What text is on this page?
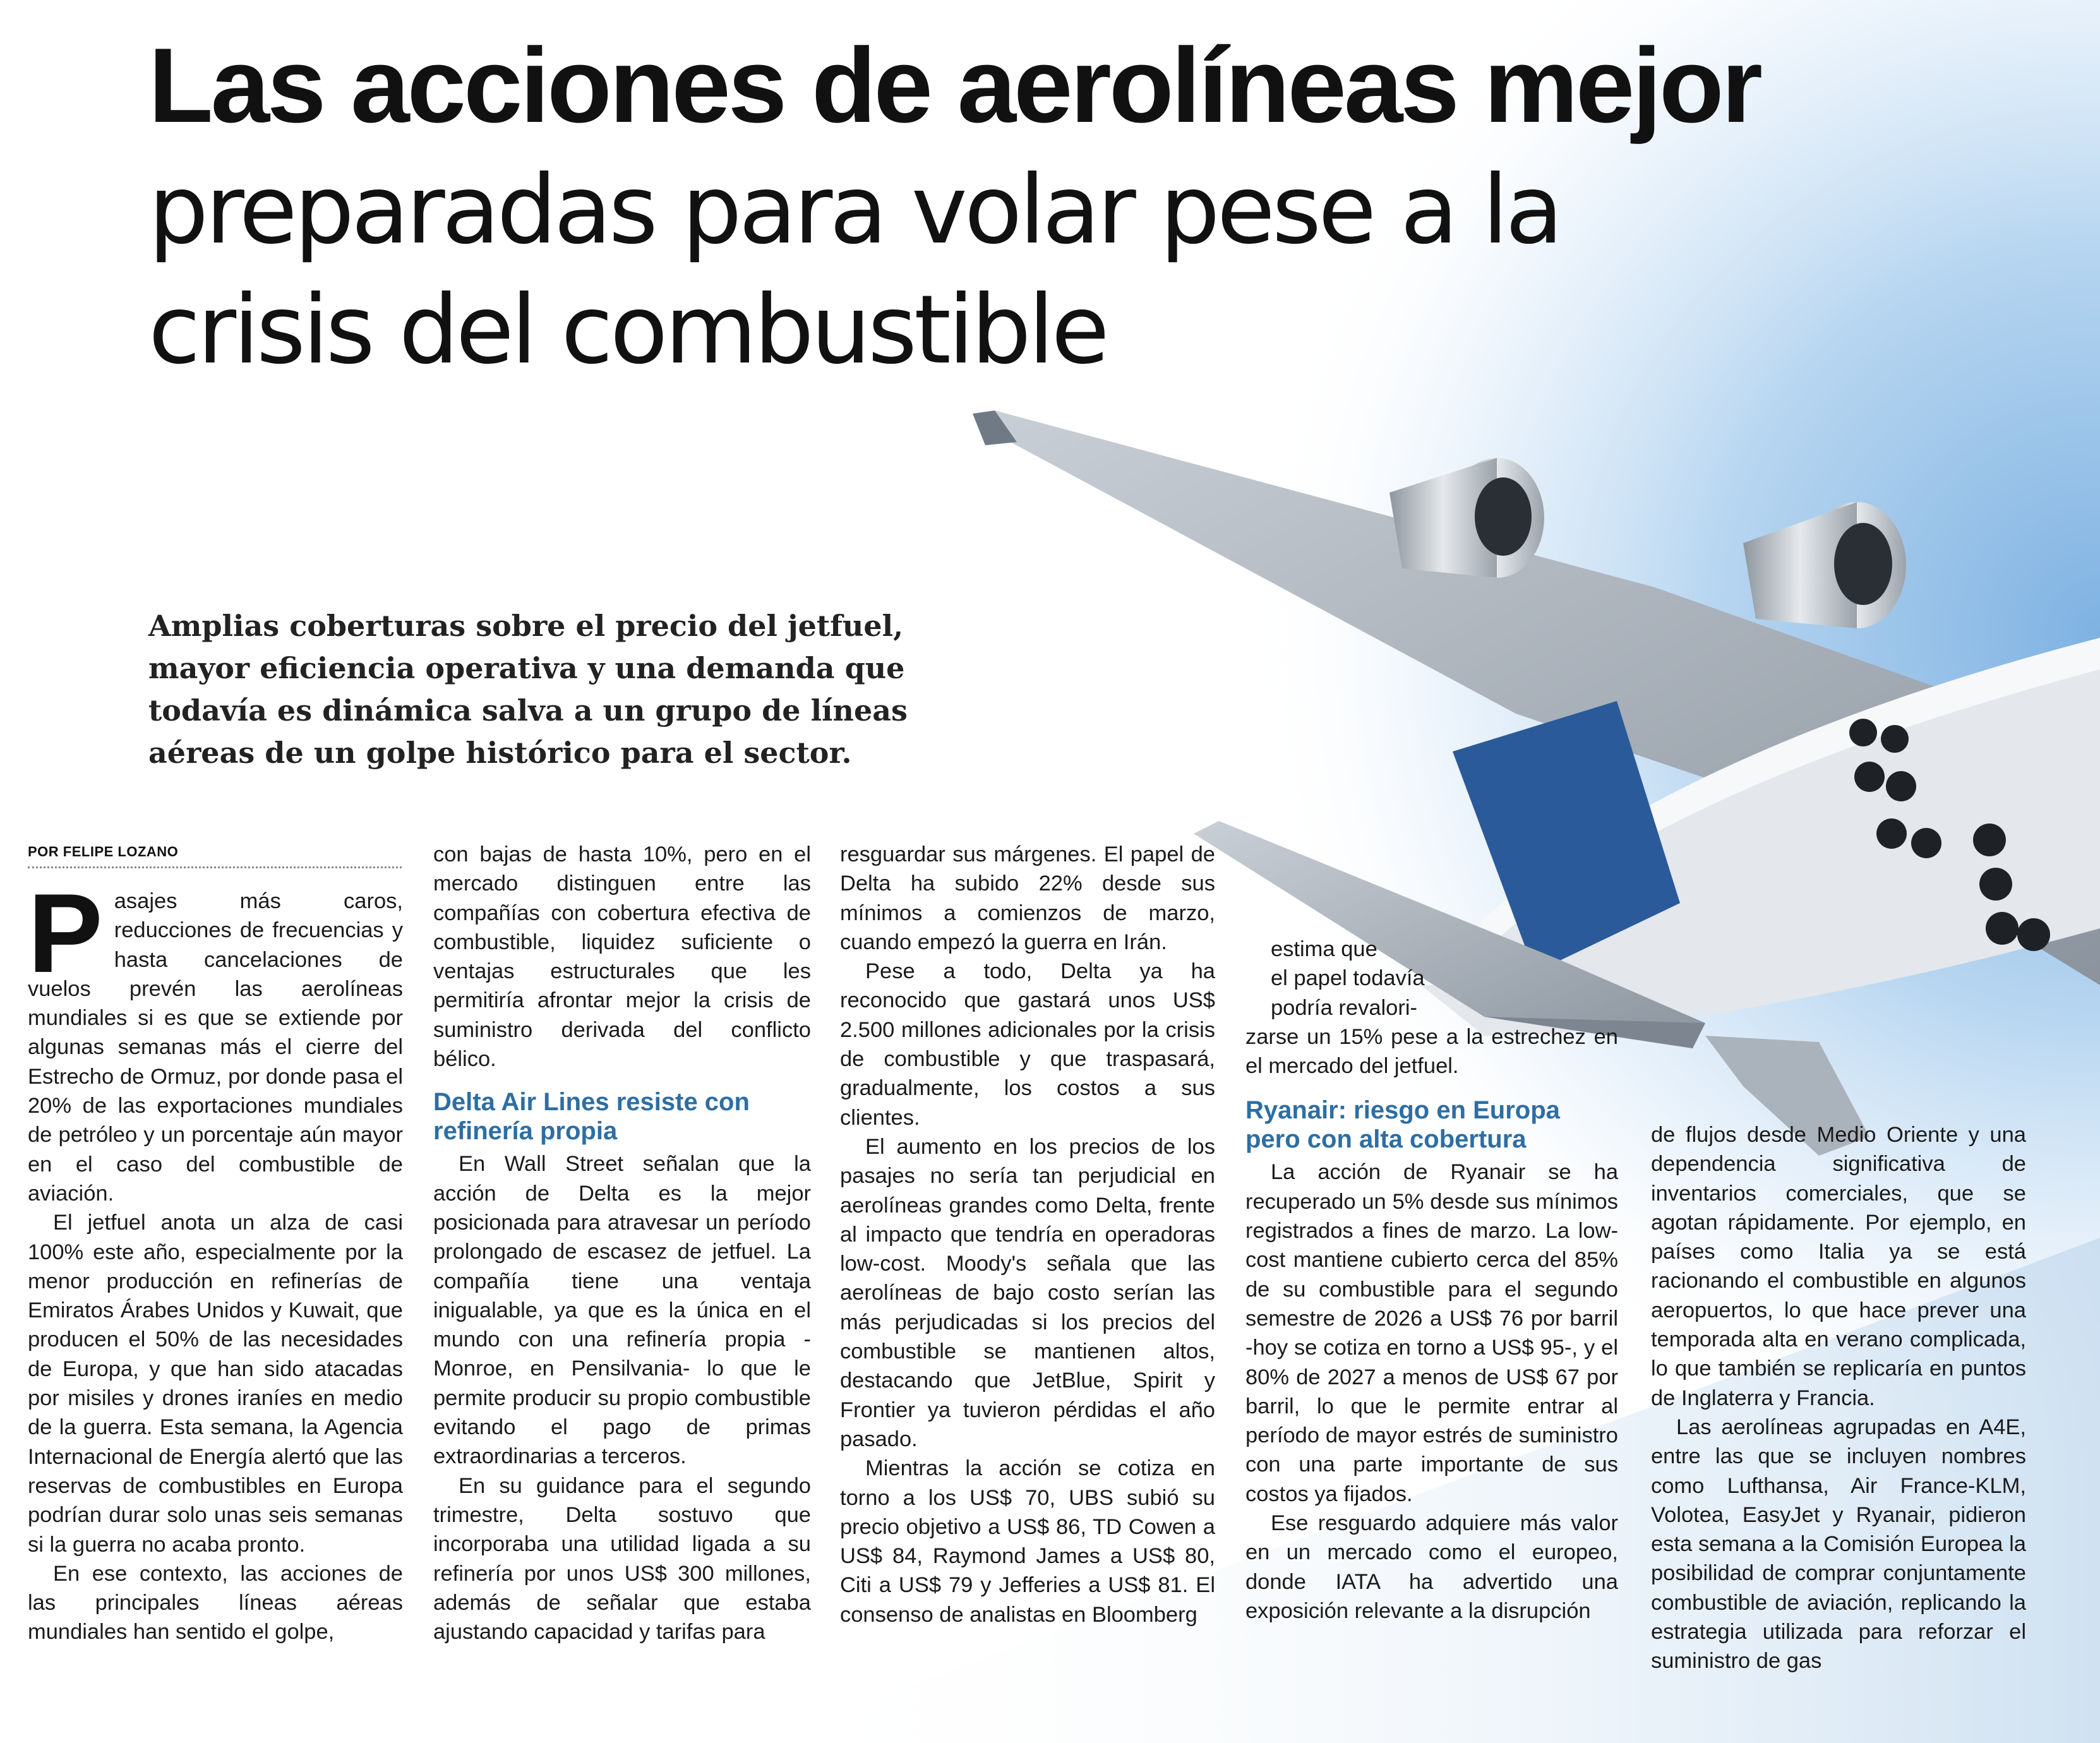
Las acciones de aerolíneas mejor
preparadas para volar pese a la
crisis del combustible
Amplias coberturas sobre el precio del jetfuel, mayor eficiencia operativa y una demanda que todavía es dinámica salva a un grupo de líneas aéreas de un golpe histórico para el sector.
POR FELIPE LOZANO

Pasajes más caros, reducciones de frecuencias y hasta cancelaciones de vuelos prevén las aerolíneas mundiales si es que se extiende por algunas semanas más el cierre del Estrecho de Ormuz, por donde pasa el 20% de las exportaciones mundiales de petróleo y un porcentaje aún mayor en el caso del combustible de aviación.

El jetfuel anota un alza de casi 100% este año, especialmente por la menor producción en refinerías de Emiratos Árabes Unidos y Kuwait, que producen el 50% de las necesidades de Europa, y que han sido atacadas por misiles y drones iraníes en medio de la guerra. Esta semana, la Agencia Internacional de Energía alertó que las reservas de combustibles en Europa podrían durar solo unas seis semanas si la guerra no acaba pronto.

En ese contexto, las acciones de las principales líneas aéreas mundiales han sentido el golpe,

con bajas de hasta 10%, pero en el mercado distinguen entre las compañías con cobertura efectiva de combustible, liquidez suficiente o ventajas estructurales que les permitiría afrontar mejor la crisis de suministro derivada del conflicto bélico.

Delta Air Lines resiste con refinería propia

En Wall Street señalan que la acción de Delta es la mejor posicionada para atravesar un período prolongado de escasez de jetfuel. La compañía tiene una ventaja inigualable, ya que es la única en el mundo con una refinería propia -Monroe, en Pensilvania- lo que le permite producir su propio combustible evitando el pago de primas extraordinarias a terceros.

En su guidance para el segundo trimestre, Delta sostuvo que incorporaba una utilidad ligada a su refinería por unos US$ 300 millones, además de señalar que estaba ajustando capacidad y tarifas para

resguardar sus márgenes. El papel de Delta ha subido 22% desde sus mínimos a comienzos de marzo, cuando empezó la guerra en Irán.

Pese a todo, Delta ya ha reconocido que gastará unos US$ 2.500 millones adicionales por la crisis de combustible y que traspasará, gradualmente, los costos a sus clientes.

El aumento en los precios de los pasajes no sería tan perjudicial en aerolíneas grandes como Delta, frente al impacto que tendría en operadoras low-cost. Moody's señala que las aerolíneas de bajo costo serían las más perjudicadas si los precios del combustible se mantienen altos, destacando que JetBlue, Spirit y Frontier ya tuvieron pérdidas el año pasado.

Mientras la acción se cotiza en torno a los US$ 70, UBS subió su precio objetivo a US$ 86, TD Cowen a US$ 84, Raymond James a US$ 80, Citi a US$ 79 y Jefferies a US$ 81. El consenso de analistas en Bloomberg

estima que

el papel todavía

podría revalori-

zarse un 15% pese a la estrechez en el mercado del jetfuel.

Ryanair: riesgo en Europa pero con alta cobertura

La acción de Ryanair se ha recuperado un 5% desde sus mínimos registrados a fines de marzo. La low-cost mantiene cubierto cerca del 85% de su combustible para el segundo semestre de 2026 a US$ 76 por barril -hoy se cotiza en torno a US$ 95-, y el 80% de 2027 a menos de US$ 67 por barril, lo que le permite entrar al período de mayor estrés de suministro con una parte importante de sus costos ya fijados.

Ese resguardo adquiere más valor en un mercado como el europeo, donde IATA ha advertido una exposición relevante a la disrupción

de flujos desde Medio Oriente y una dependencia significativa de inventarios comerciales, que se agotan rápidamente. Por ejemplo, en países como Italia ya se está racionando el combustible en algunos aeropuertos, lo que hace prever una temporada alta en verano complicada, lo que también se replicaría en puntos de Inglaterra y Francia.

Las aerolíneas agrupadas en A4E, entre las que se incluyen nombres como Lufthansa, Air France-KLM, Volotea, EasyJet y Ryanair, pidieron esta semana a la Comisión Europea la posibilidad de comprar conjuntamente combustible de aviación, replicando la estrategia utilizada para reforzar el suministro de gas
